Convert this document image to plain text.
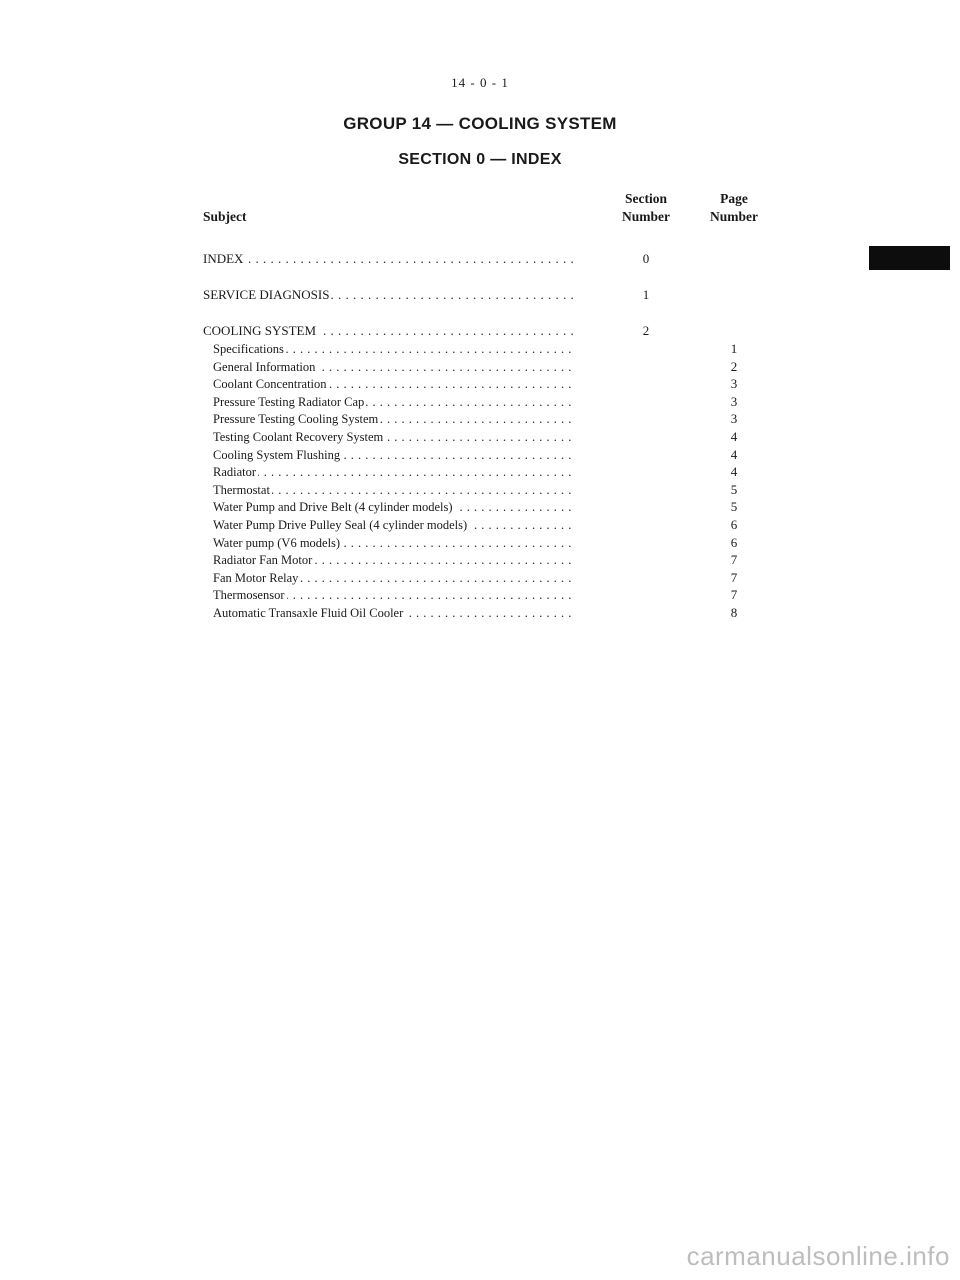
14 - 0 - 1
GROUP 14 — COOLING SYSTEM
SECTION 0 — INDEX
Subject
Section
Number
Page
Number
INDEX . . .	0
SERVICE DIAGNOSIS . . .	1
COOLING SYSTEM . . .	2
Specifications . . .	1
General Information . . .	2
Coolant Concentration . . .	3
Pressure Testing Radiator Cap . . .	3
Pressure Testing Cooling System . . .	3
Testing Coolant Recovery System . . .	4
Cooling System Flushing . . .	4
Radiator . . .	4
Thermostat . . .	5
Water Pump and Drive Belt (4 cylinder models) . . .	5
Water Pump Drive Pulley Seal (4 cylinder models) . . .	6
Water pump (V6 models) . . .	6
Radiator Fan Motor . . .	7
Fan Motor Relay . . .	7
Thermosensor . . .	7
Automatic Transaxle Fluid Oil Cooler . . .	8
carmanualsonline.info
